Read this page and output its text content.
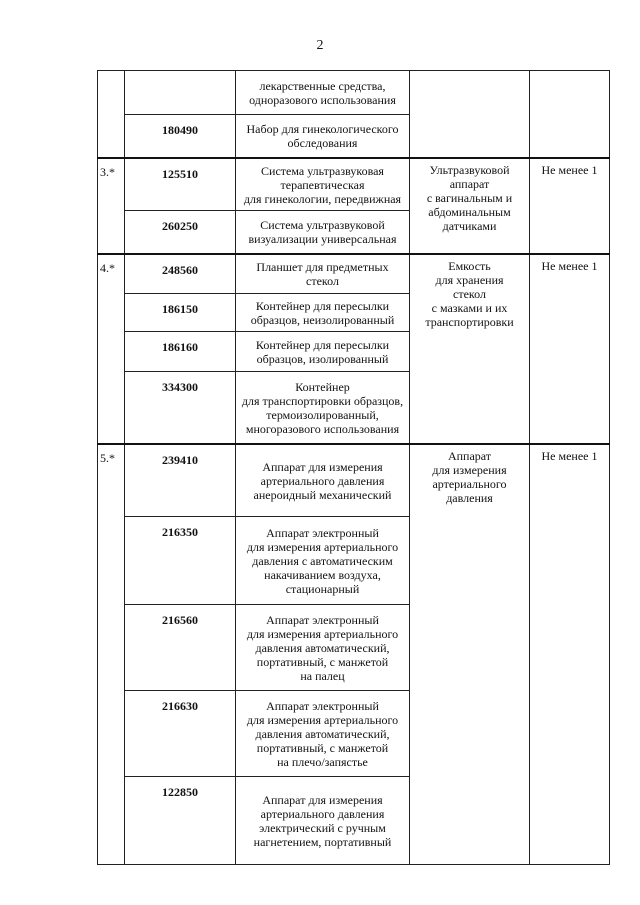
2
		лекарственные средства,
одноразового использования		
	180490	Набор для гинекологического
обследования		
3.*	125510	Система ультразвуковая
терапевтическая
для гинекологии, передвижная	Ультразвуковой
аппарат
с вагинальным и
абдоминальным
датчиками	Не менее 1
	260250	Система ультразвуковой
визуализации универсальная		
4.*	248560	Планшет для предметных
стекол	Емкость
для хранения
стекол
с мазками и их
транспортировки	Не менее 1
	186150	Контейнер для пересылки
образцов, неизолированный		
	186160	Контейнер для пересылки
образцов, изолированный		
	334300	Контейнер
для транспортировки образцов,
термоизолированный,
многоразового использования		
5.*	239410	Аппарат для измерения
артериального давления
анероидный механический	Аппарат
для измерения
артериального
давления	Не менее 1
	216350	Аппарат электронный
для измерения артериального
давления с автоматическим
накачиванием воздуха,
стационарный		
	216560	Аппарат электронный
для измерения артериального
давления автоматический,
портативный, с манжетой
на палец		
	216630	Аппарат электронный
для измерения артериального
давления автоматический,
портативный, с манжетой
на плечо/запястье		
	122850	Аппарат для измерения
артериального давления
электрический с ручным
нагнетением, портативный		
